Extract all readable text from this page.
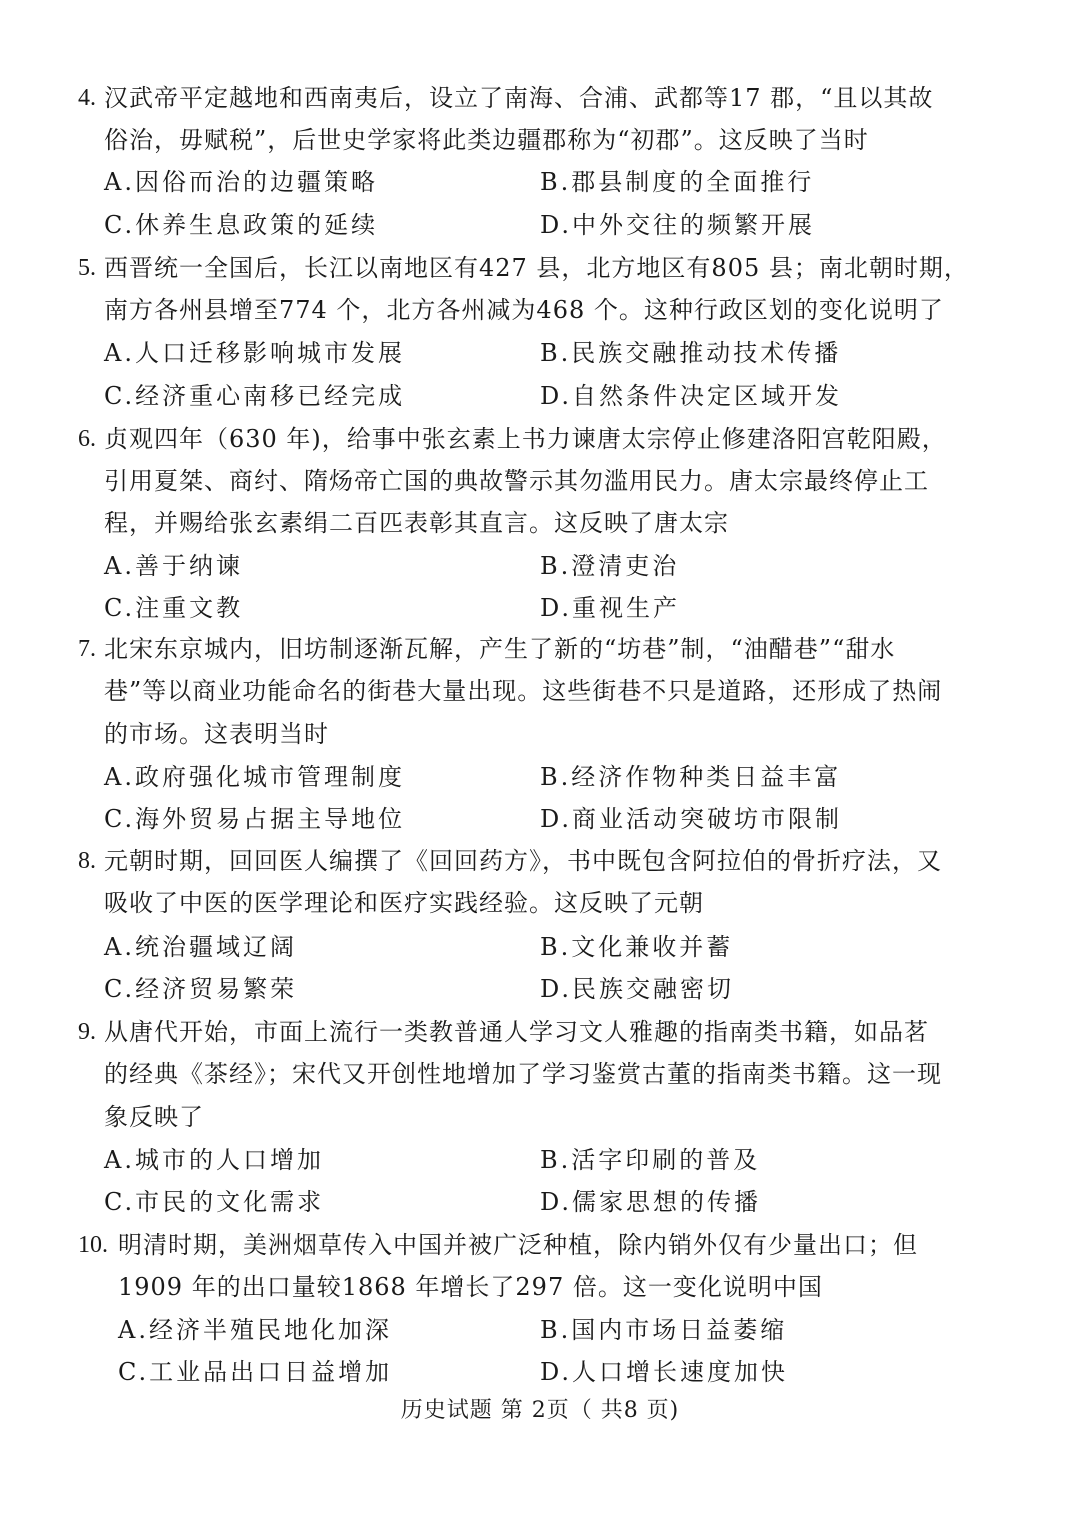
4. 汉武帝平定越地和西南夷后，设立了南海、合浦、武都等17 郡，“且以其故
俗治，毋赋税”，后世史学家将此类边疆郡称为“初郡”。这反映了当时
A.因俗而治的边疆策略	B.郡县制度的全面推行
C.休养生息政策的延续	D.中外交往的频繁开展
5. 西晋统一全国后，长江以南地区有427 县，北方地区有805 县；南北朝时期，
南方各州县增至774 个，北方各州减为468 个。这种行政区划的变化说明了
A.人口迁移影响城市发展	B.民族交融推动技术传播
C.经济重心南移已经完成	D.自然条件决定区域开发
6. 贞观四年（630 年)，给事中张玄素上书力谏唐太宗停止修建洛阳宫乾阳殿，
引用夏桀、商纣、隋炀帝亡国的典故警示其勿滥用民力。唐太宗最终停止工
程，并赐给张玄素绢二百匹表彰其直言。这反映了唐太宗
A.善于纳谏	B.澄清吏治
C.注重文教	D.重视生产
7. 北宋东京城内，旧坊制逐渐瓦解，产生了新的“坊巷”制，“油醋巷”“甜水
巷”等以商业功能命名的街巷大量出现。这些街巷不只是道路，还形成了热闹
的市场。这表明当时
A.政府强化城市管理制度	B.经济作物种类日益丰富
C.海外贸易占据主导地位	D.商业活动突破坊市限制
8. 元朝时期，回回医人编撰了《回回药方》，书中既包含阿拉伯的骨折疗法，又
吸收了中医的医学理论和医疗实践经验。这反映了元朝
A.统治疆域辽阔	B.文化兼收并蓄
C.经济贸易繁荣	D.民族交融密切
9. 从唐代开始，市面上流行一类教普通人学习文人雅趣的指南类书籍，如品茗
的经典《茶经》；宋代又开创性地增加了学习鉴赏古董的指南类书籍。这一现
象反映了
A.城市的人口增加	B.活字印刷的普及
C.市民的文化需求	D.儒家思想的传播
10. 明清时期，美洲烟草传入中国并被广泛种植，除内销外仅有少量出口；但
1909 年的出口量较1868 年增长了297 倍。这一变化说明中国
A.经济半殖民地化加深	B.国内市场日益萎缩
C.工业品出口日益增加	D.人口增长速度加快
历史试题 第 2页（ 共8 页)
